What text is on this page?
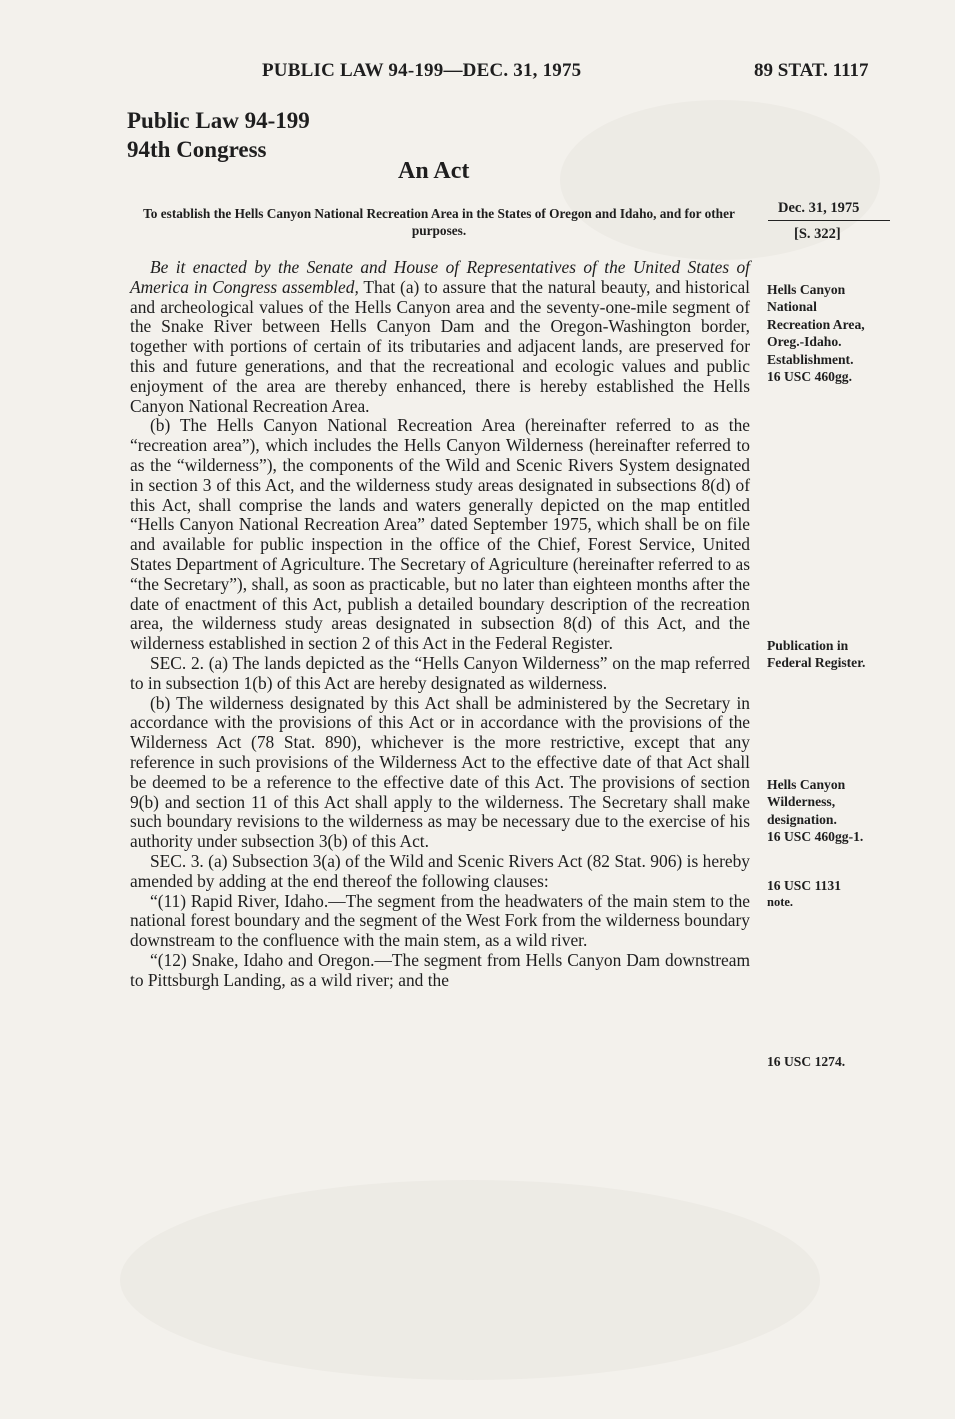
PUBLIC LAW 94-199—DEC. 31, 1975	89 STAT. 1117
Public Law 94-199
94th Congress
An Act
To establish the Hells Canyon National Recreation Area in the States of Oregon and Idaho, and for other purposes.
Dec. 31, 1975
[S. 322]

Be it enacted by the Senate and House of Representatives of the United States of America in Congress assembled, That (a) to assure that the natural beauty, and historical and archeological values of the Hells Canyon area and the seventy-one-mile segment of the Snake River between Hells Canyon Dam and the Oregon-Washington border, together with portions of certain of its tributaries and adjacent lands, are preserved for this and future generations, and that the recreational and ecologic values and public enjoyment of the area are thereby enhanced, there is hereby established the Hells Canyon National Recreation Area.

(b) The Hells Canyon National Recreation Area (hereinafter referred to as the “recreation area”), which includes the Hells Canyon Wilderness (hereinafter referred to as the “wilderness”), the components of the Wild and Scenic Rivers System designated in section 3 of this Act, and the wilderness study areas designated in subsections 8(d) of this Act, shall comprise the lands and waters generally depicted on the map entitled “Hells Canyon National Recreation Area” dated September 1975, which shall be on file and available for public inspection in the office of the Chief, Forest Service, United States Department of Agriculture. The Secretary of Agriculture (hereinafter referred to as “the Secretary”), shall, as soon as practicable, but no later than eighteen months after the date of enactment of this Act, publish a detailed boundary description of the recreation area, the wilderness study areas designated in subsection 8(d) of this Act, and the wilderness established in section 2 of this Act in the Federal Register.

SEC. 2. (a) The lands depicted as the “Hells Canyon Wilderness” on the map referred to in subsection 1(b) of this Act are hereby designated as wilderness.

(b) The wilderness designated by this Act shall be administered by the Secretary in accordance with the provisions of this Act or in accordance with the provisions of the Wilderness Act (78 Stat. 890), whichever is the more restrictive, except that any reference in such provisions of the Wilderness Act to the effective date of that Act shall be deemed to be a reference to the effective date of this Act. The provisions of section 9(b) and section 11 of this Act shall apply to the wilderness. The Secretary shall make such boundary revisions to the wilderness as may be necessary due to the exercise of his authority under subsection 3(b) of this Act.

SEC. 3. (a) Subsection 3(a) of the Wild and Scenic Rivers Act (82 Stat. 906) is hereby amended by adding at the end thereof the following clauses:

“(11) Rapid River, Idaho.—The segment from the headwaters of the main stem to the national forest boundary and the segment of the West Fork from the wilderness boundary downstream to the confluence with the main stem, as a wild river.

“(12) Snake, Idaho and Oregon.—The segment from Hells Canyon Dam downstream to Pittsburgh Landing, as a wild river; and the

Hells Canyon
National
Recreation Area,
Oreg.-Idaho.
Establishment.
16 USC 460gg.
Publication in
Federal Register.
Hells Canyon
Wilderness,
designation.
16 USC 460gg-1.
16 USC 1131
note.
16 USC 1274.
